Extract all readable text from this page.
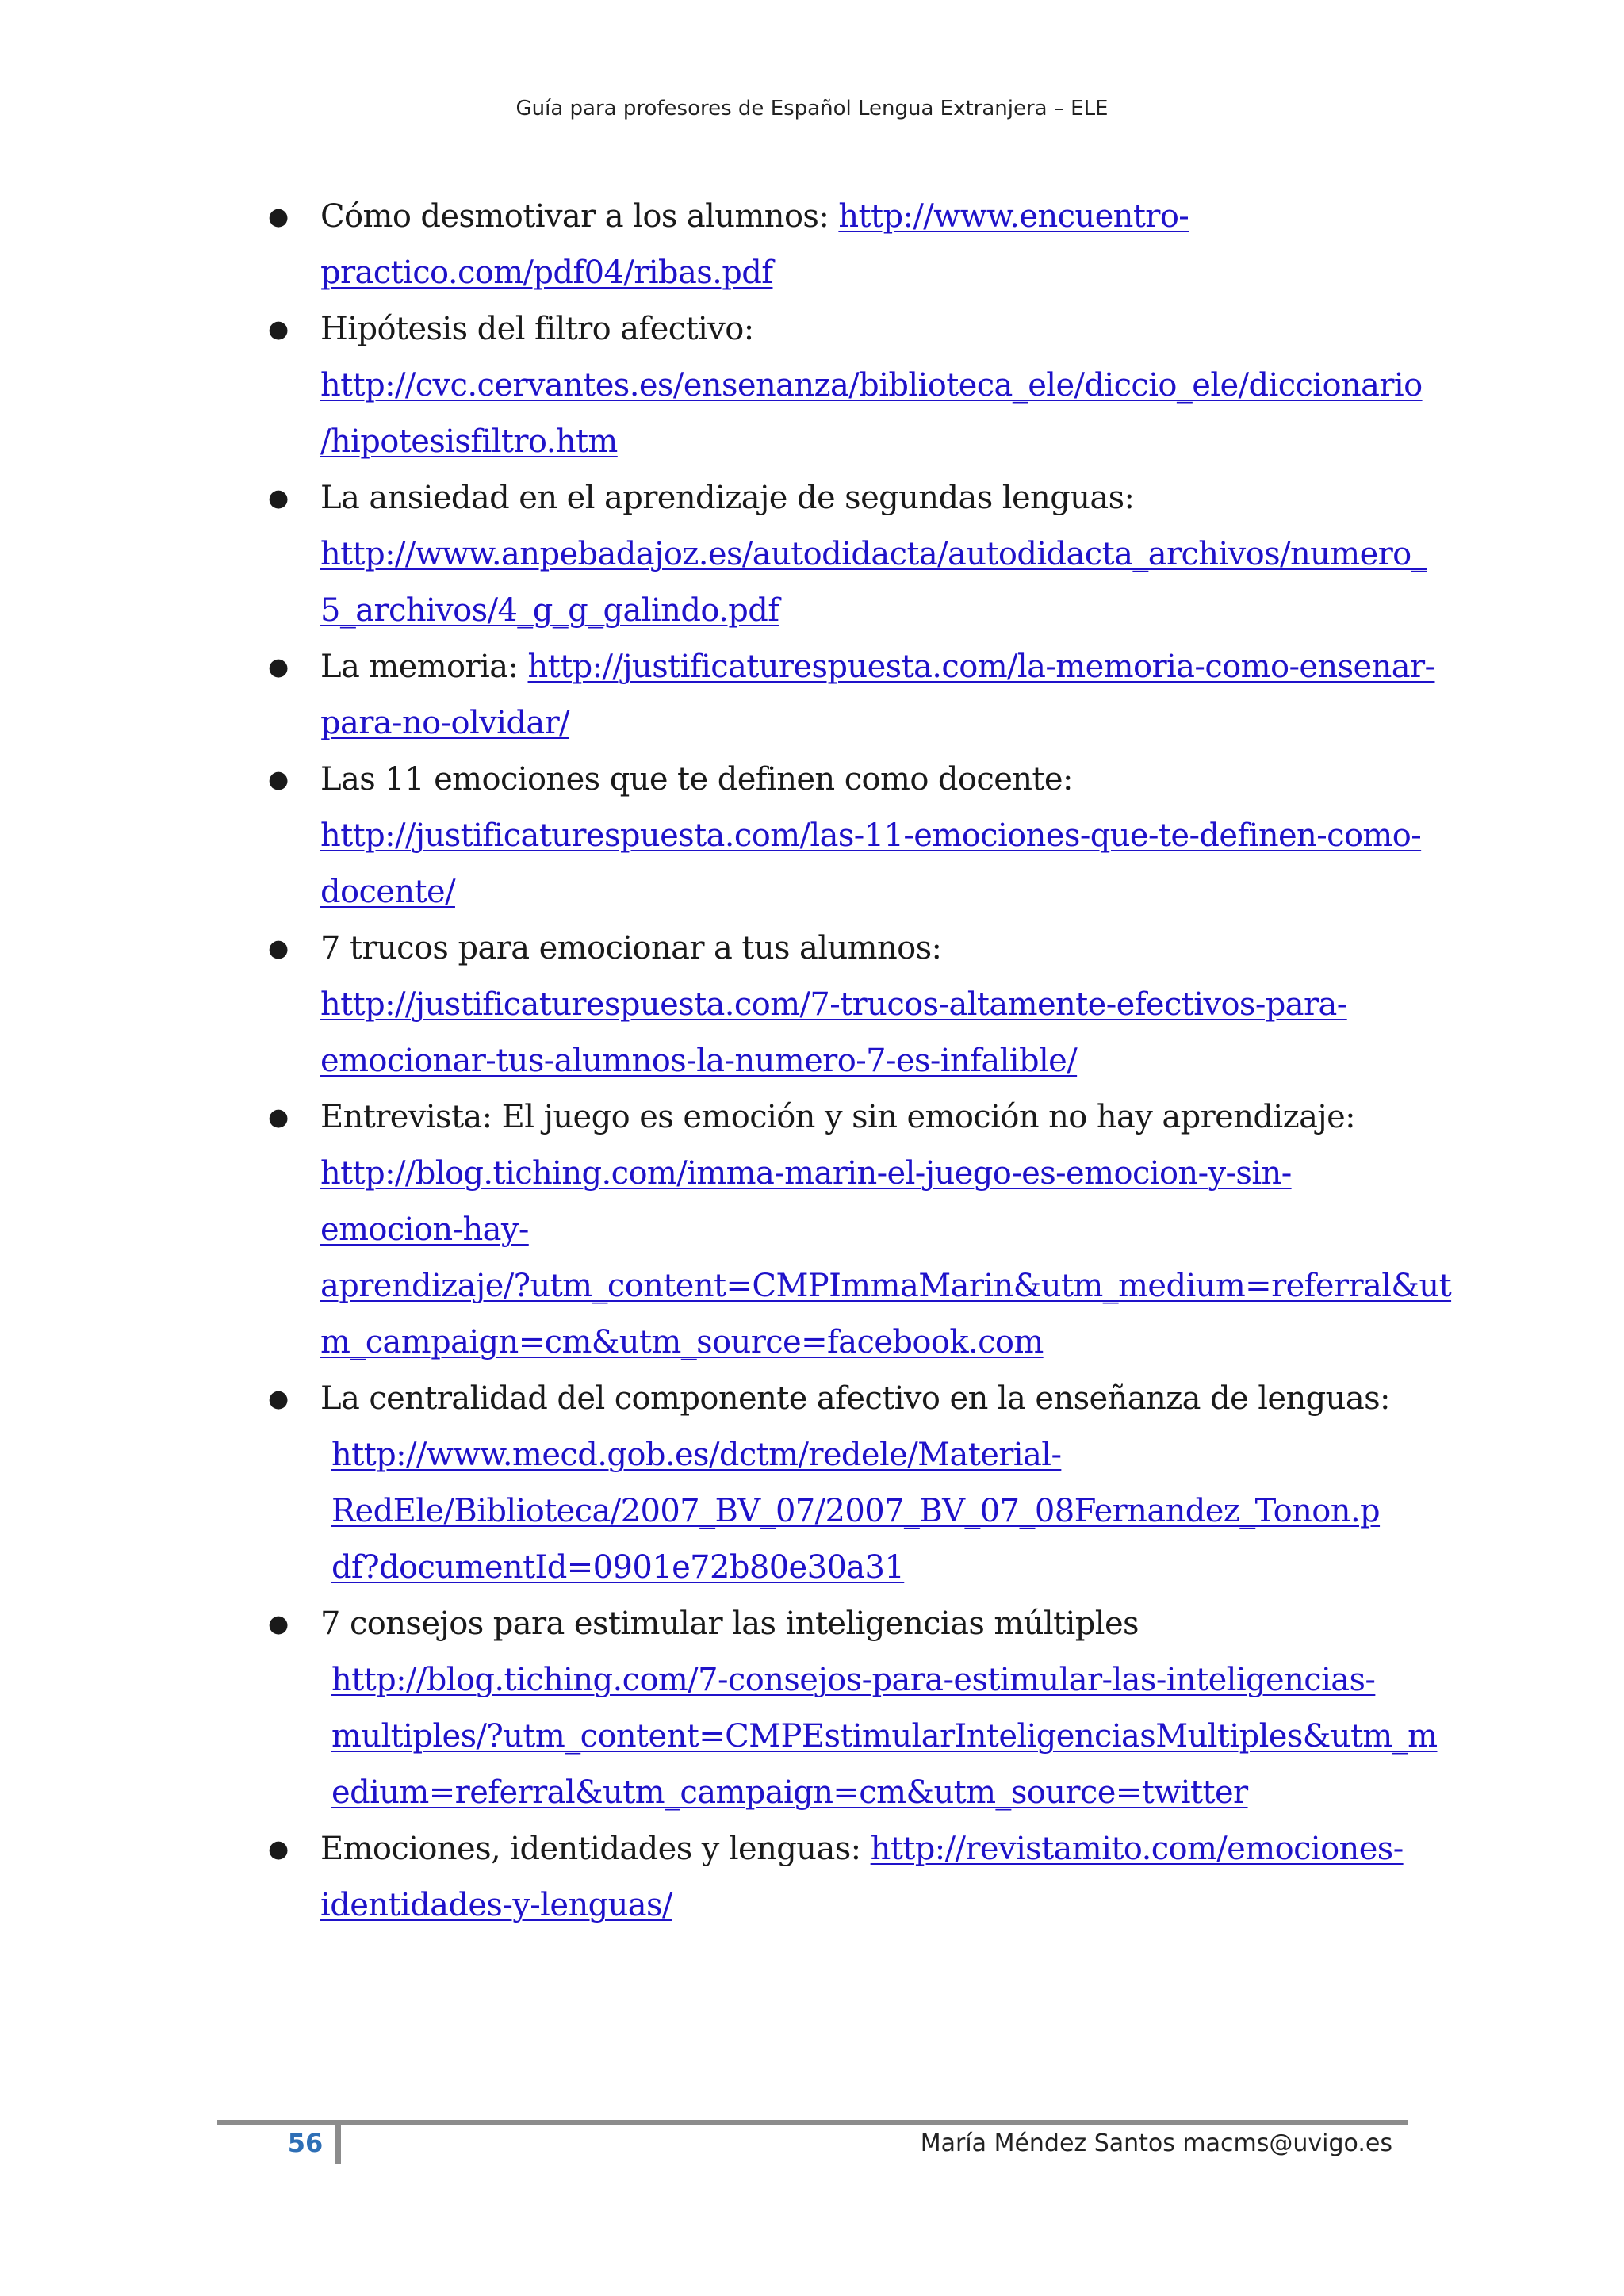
Guía para profesores de Español Lengua Extranjera – ELE
● Cómo desmotivar a los alumnos: http://www.encuentro-
practico.com/pdf04/ribas.pdf
● Hipótesis del filtro afectivo:
http://cvc.cervantes.es/ensenanza/biblioteca_ele/diccio_ele/diccionario
/hipotesisfiltro.htm
● La ansiedad en el aprendizaje de segundas lenguas:
http://www.anpebadajoz.es/autodidacta/autodidacta_archivos/numero_
5_archivos/4_g_g_galindo.pdf
● La memoria: http://justificaturespuesta.com/la-memoria-como-ensenar-
para-no-olvidar/
● Las 11 emociones que te definen como docente:
http://justificaturespuesta.com/las-11-emociones-que-te-definen-como-
docente/
● 7 trucos para emocionar a tus alumnos:
http://justificaturespuesta.com/7-trucos-altamente-efectivos-para-
emocionar-tus-alumnos-la-numero-7-es-infalible/
● Entrevista: El juego es emoción y sin emoción no hay aprendizaje:
http://blog.tiching.com/imma-marin-el-juego-es-emocion-y-sin-
emocion-hay-
aprendizaje/?utm_content=CMPImmaMarin&utm_medium=referral&ut
m_campaign=cm&utm_source=facebook.com
● La centralidad del componente afectivo en la enseñanza de lenguas:
http://www.mecd.gob.es/dctm/redele/Material-
RedEle/Biblioteca/2007_BV_07/2007_BV_07_08Fernandez_Tonon.p
df?documentId=0901e72b80e30a31
● 7 consejos para estimular las inteligencias múltiples
http://blog.tiching.com/7-consejos-para-estimular-las-inteligencias-
multiples/?utm_content=CMPEstimularInteligenciasMultiples&utm_m
edium=referral&utm_campaign=cm&utm_source=twitter
● Emociones, identidades y lenguas: http://revistamito.com/emociones-
identidades-y-lenguas/
56	María Méndez Santos macms@uvigo.es
